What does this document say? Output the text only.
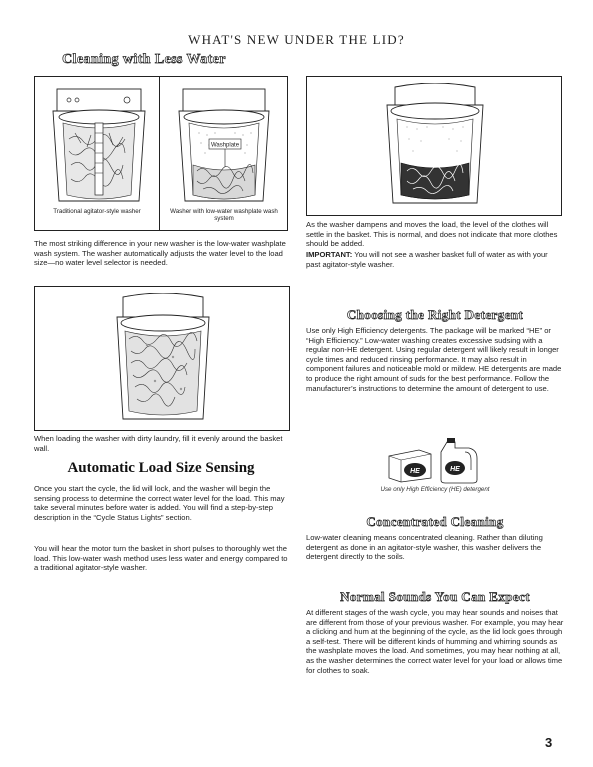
WHAT'S NEW UNDER THE LID?
Cleaning with Less Water
Traditional agitator-style washer
Washplate
Washer with low-water washplate wash system

The most striking difference in your new washer is the low-water washplate wash system. The washer automatically adjusts the water level to the load size—no water level selector is needed.

As the washer dampens and moves the load, the level of the clothes will settle in the basket. This is normal, and does not indicate that more clothes should be added.

IMPORTANT: You will not see a washer basket full of water as with your past agitator-style washer.

When loading the washer with dirty laundry, fill it evenly around the basket wall.

Automatic Load Size Sensing

Once you start the cycle, the lid will lock, and the washer will begin the sensing process to determine the correct water level for the load. This may take several minutes before water is added. You will find a step-by-step description in the “Cycle Status Lights” section.

You will hear the motor turn the basket in short pulses to thoroughly wet the load. This low-water wash method uses less water and energy compared to a traditional agitator-style washer.

Choosing the Right Detergent

Use only High Efficiency detergents. The package will be marked “HE” or “High Efficiency.” Low-water washing creates excessive sudsing with a regular non-HE detergent. Using regular detergent will likely result in longer cycle times and reduced rinsing performance. It may also result in component failures and noticeable mold or mildew. HE detergents are made to produce the right amount of suds for the best performance. Follow the manufacturer’s instructions to determine the amount of detergent to use.

HE	HE
Use only High Efficiency (HE) detergent
Concentrated Cleaning

Low-water cleaning means concentrated cleaning. Rather than diluting detergent as done in an agitator-style washer, this washer delivers the detergent directly to the soils.

Normal Sounds You Can Expect

At different stages of the wash cycle, you may hear sounds and noises that are different from those of your previous washer. For example, you may hear a clicking and hum at the beginning of the cycle, as the lid lock goes through a self-test. There will be different kinds of humming and whirring sounds as the washplate moves the load. And sometimes, you may hear nothing at all, as the washer determines the correct water level for your load or allows time for clothes to soak.

3
